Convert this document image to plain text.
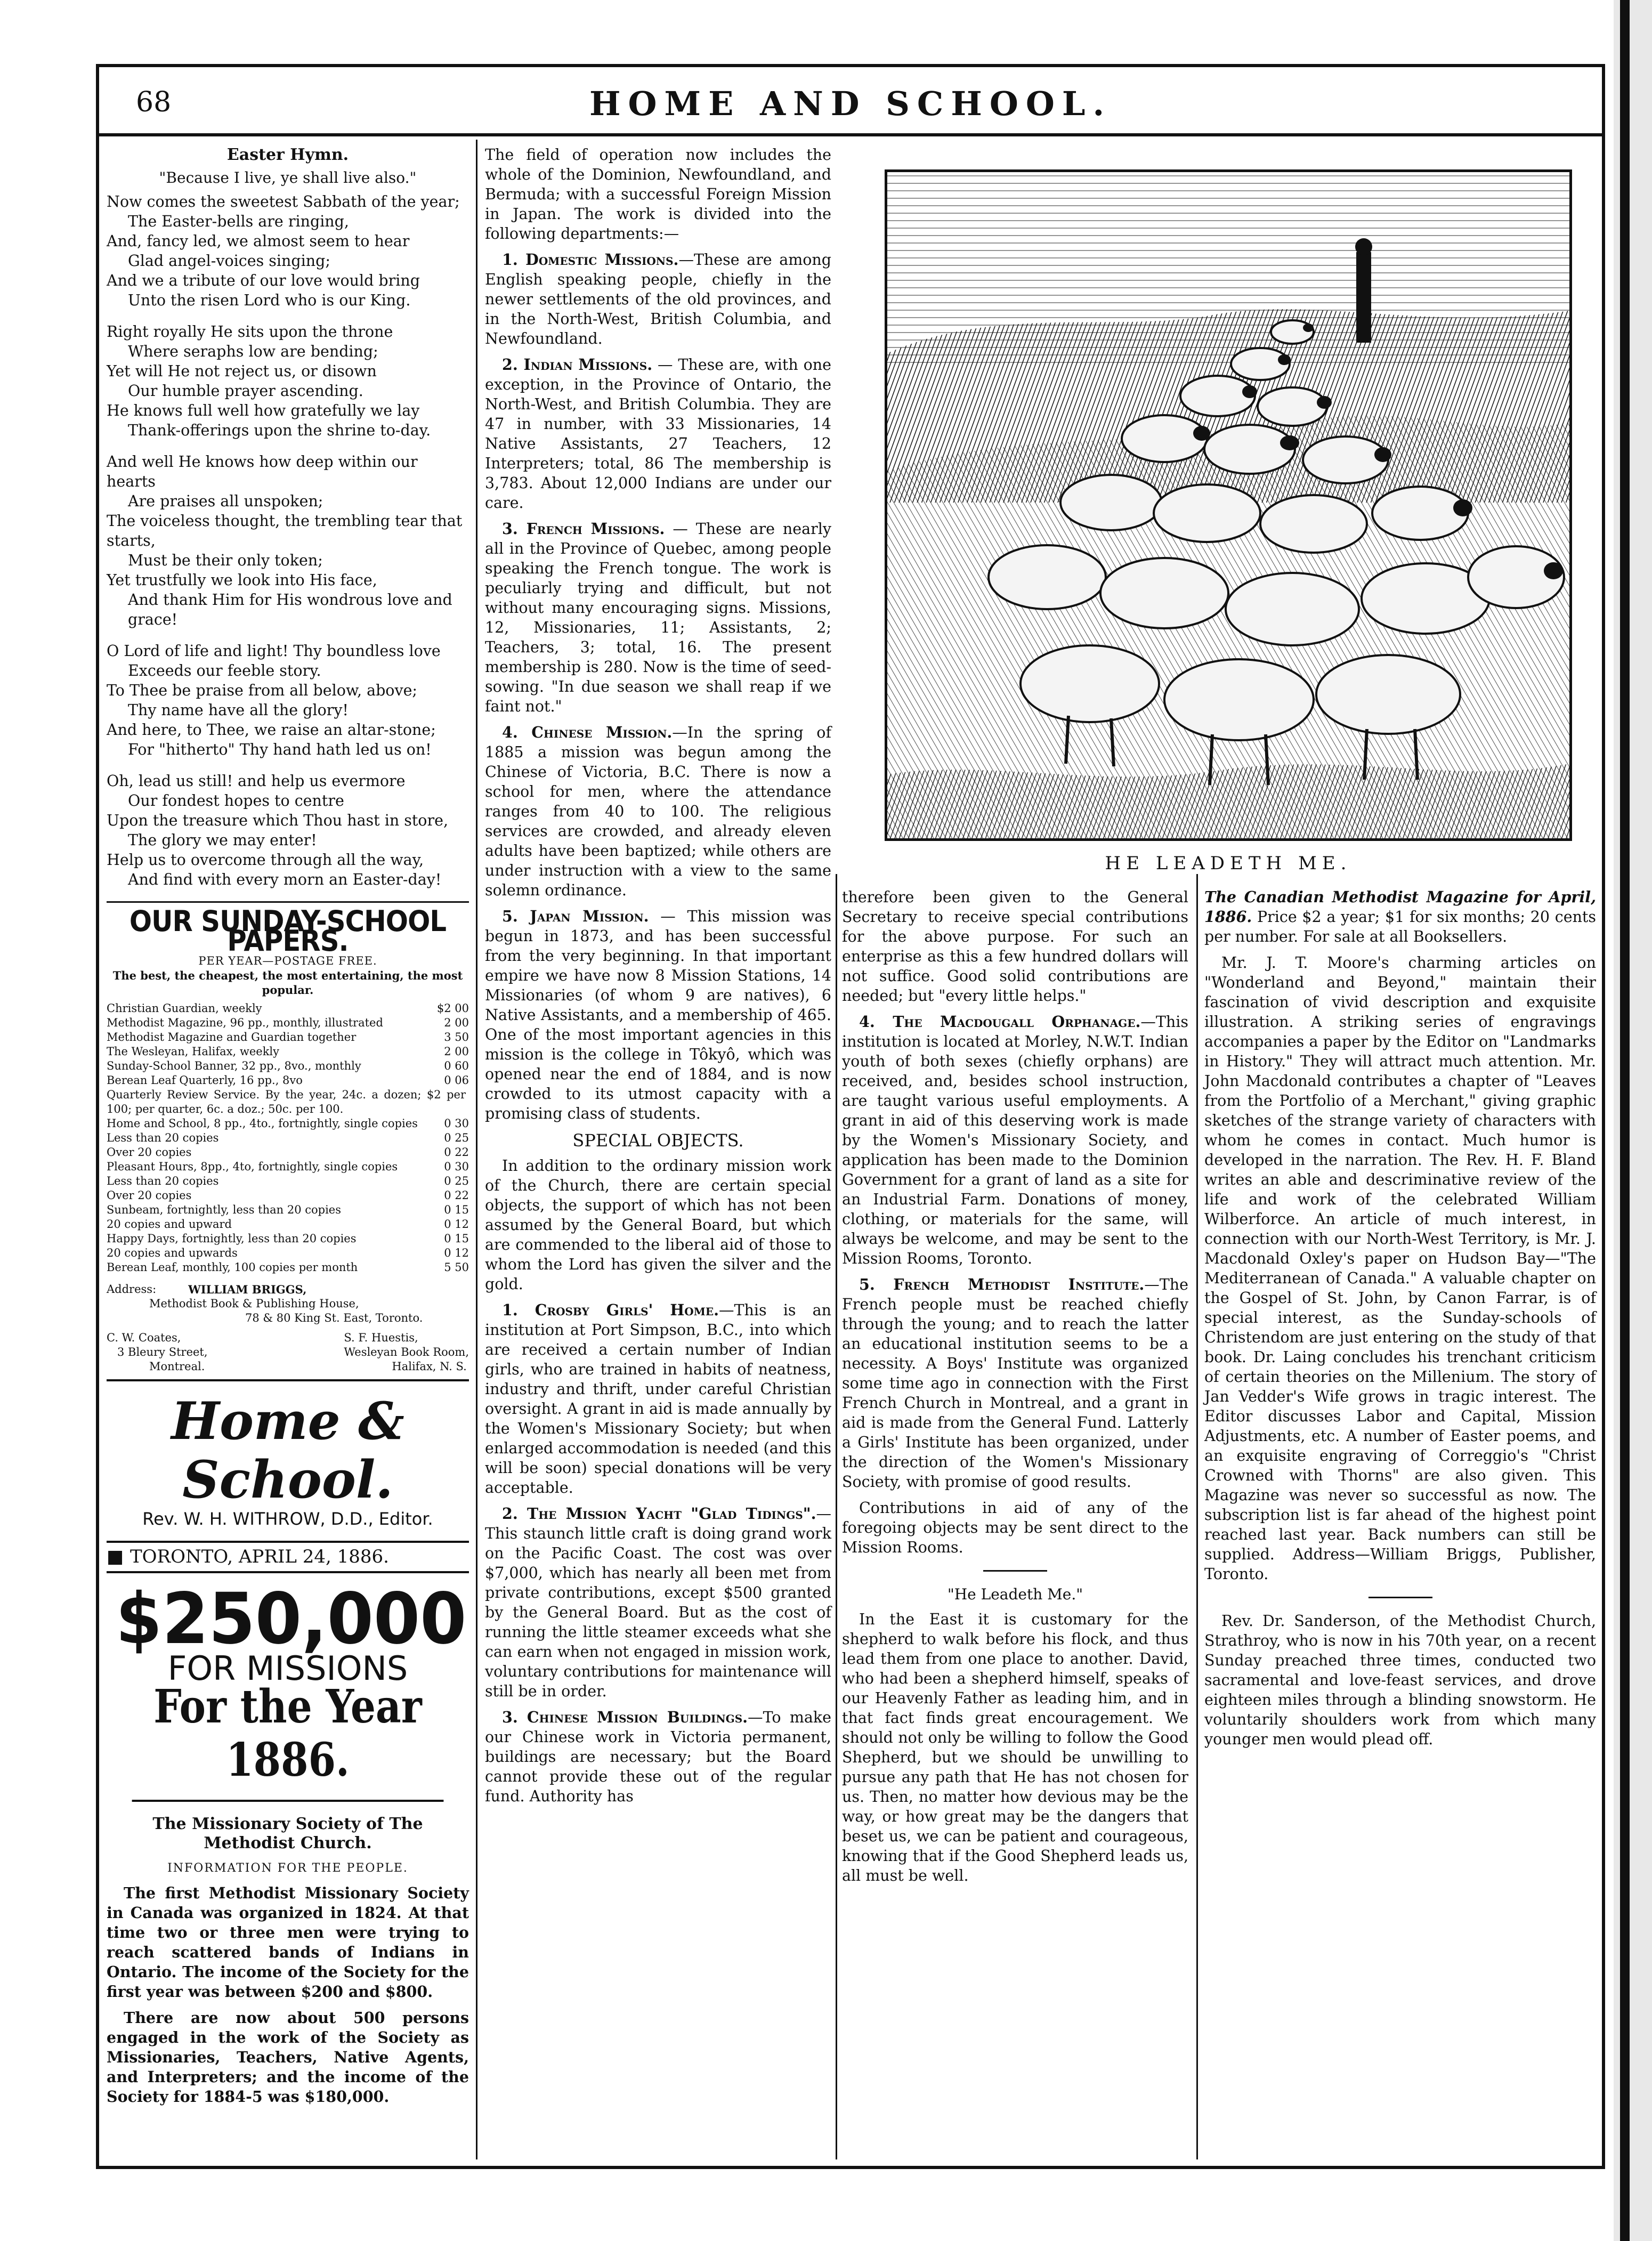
68	HOME AND SCHOOL.
Easter Hymn.
"Because I live, ye shall live also."
Now comes the sweetest Sabbath of the year;
The Easter-bells are ringing,
And, fancy led, we almost seem to hear
Glad angel-voices singing;
And we a tribute of our love would bring
Unto the risen Lord who is our King.
Right royally He sits upon the throne
Where seraphs low are bending;
Yet will He not reject us, or disown
Our humble prayer ascending.
He knows full well how gratefully we lay
Thank-offerings upon the shrine to-day.
And well He knows how deep within our hearts
Are praises all unspoken;
The voiceless thought, the trembling tear that starts,
Must be their only token;
Yet trustfully we look into His face,
And thank Him for His wondrous love and grace!
O Lord of life and light! Thy boundless love
Exceeds our feeble story.
To Thee be praise from all below, above;
Thy name have all the glory!
And here, to Thee, we raise an altar-stone;
For "hitherto" Thy hand hath led us on!
Oh, lead us still! and help us evermore
Our fondest hopes to centre
Upon the treasure which Thou hast in store,
The glory we may enter!
Help us to overcome through all the way,
And find with every morn an Easter-day!
OUR SUNDAY-SCHOOL PAPERS.
PER YEAR—POSTAGE FREE.
The best, the cheapest, the most entertaining, the most popular.
Christian Guardian, weekly	$2 00
Methodist Magazine, 96 pp., monthly, illustrated	2 00
Methodist Magazine and Guardian together	3 50
The Wesleyan, Halifax, weekly	2 00
Sunday-School Banner, 32 pp., 8vo., monthly	0 60
Berean Leaf Quarterly, 16 pp., 8vo	0 06
Quarterly Review Service. By the year, 24c. a dozen; $2 per 100; per quarter, 6c. a doz.; 50c. per 100.
Home and School, 8 pp., 4to., fortnightly, single copies 0 30
Less than 20 copies	0 25
Over 20 copies	0 22
Pleasant Hours, 8pp., 4to, fortnightly, single copies	0 30
Less than 20 copies	0 25
Over 20 copies	0 22
Sunbeam, fortnightly, less than 20 copies	0 15
20 copies and upward	0 12
Happy Days, fortnightly, less than 20 copies	0 15
20 copies and upwards	0 12
Berean Leaf, monthly, 100 copies per month	5 50
Address:	WILLIAM BRIGGS,
Methodist Book & Publishing House,
78 & 80 King St. East, Toronto.
C. W. Coates,
3 Bleury Street,
Montreal.
S. F. Huestis,
Wesleyan Book Room,
Halifax, N. S.
Home & School.
Rev. W. H. WITHROW, D.D., Editor.
■ TORONTO, APRIL 24, 1886.
$250,000
FOR MISSIONS
For the Year 1886.
The Missionary Society of The Methodist Church.
INFORMATION FOR THE PEOPLE.

The first Methodist Missionary Society in Canada was organized in 1824. At that time two or three men were trying to reach scattered bands of Indians in Ontario. The income of the Society for the first year was between $200 and $800.

There are now about 500 persons engaged in the work of the Society as Missionaries, Teachers, Native Agents, and Interpreters; and the income of the Society for 1884-5 was $180,000.

The field of operation now includes the whole of the Dominion, Newfoundland, and Bermuda; with a successful Foreign Mission in Japan. The work is divided into the following departments:—

1. Domestic Missions.—These are among English speaking people, chiefly in the newer settlements of the old provinces, and in the North-West, British Columbia, and Newfoundland.

2. Indian Missions. — These are, with one exception, in the Province of Ontario, the North-West, and British Columbia. They are 47 in number, with 33 Missionaries, 14 Native Assistants, 27 Teachers, 12 Interpreters; total, 86 The membership is 3,783. About 12,000 Indians are under our care.

3. French Missions. — These are nearly all in the Province of Quebec, among people speaking the French tongue. The work is peculiarly trying and difficult, but not without many encouraging signs. Missions, 12, Missionaries, 11; Assistants, 2; Teachers, 3; total, 16. The present membership is 280. Now is the time of seed-sowing. "In due season we shall reap if we faint not."

4. Chinese Mission.—In the spring of 1885 a mission was begun among the Chinese of Victoria, B.C. There is now a school for men, where the attendance ranges from 40 to 100. The religious services are crowded, and already eleven adults have been baptized; while others are under instruction with a view to the same solemn ordinance.

5. Japan Mission. — This mission was begun in 1873, and has been successful from the very beginning. In that important empire we have now 8 Mission Stations, 14 Missionaries (of whom 9 are natives), 6 Native Assistants, and a membership of 465. One of the most important agencies in this mission is the college in Tôkyô, which was opened near the end of 1884, and is now crowded to its utmost capacity with a promising class of students.

SPECIAL OBJECTS.

In addition to the ordinary mission work of the Church, there are certain special objects, the support of which has not been assumed by the General Board, but which are commended to the liberal aid of those to whom the Lord has given the silver and the gold.

1. Crosby Girls' Home.—This is an institution at Port Simpson, B.C., into which are received a certain number of Indian girls, who are trained in habits of neatness, industry and thrift, under careful Christian oversight. A grant in aid is made annually by the Women's Missionary Society; but when enlarged accommodation is needed (and this will be soon) special donations will be very acceptable.

2. The Mission Yacht "Glad Tidings".—This staunch little craft is doing grand work on the Pacific Coast. The cost was over $7,000, which has nearly all been met from private contributions, except $500 granted by the General Board. But as the cost of running the little steamer exceeds what she can earn when not engaged in mission work, voluntary contributions for maintenance will still be in order.

3. Chinese Mission Buildings.—To make our Chinese work in Victoria permanent, buildings are necessary; but the Board cannot provide these out of the regular fund. Authority has

HE LEADETH ME.

therefore been given to the General Secretary to receive special contributions for the above purpose. For such an enterprise as this a few hundred dollars will not suffice. Good solid contributions are needed; but "every little helps."

4. The Macdougall Orphanage.—This institution is located at Morley, N.W.T. Indian youth of both sexes (chiefly orphans) are received, and, besides school instruction, are taught various useful employments. A grant in aid of this deserving work is made by the Women's Missionary Society, and application has been made to the Dominion Government for a grant of land as a site for an Industrial Farm. Donations of money, clothing, or materials for the same, will always be welcome, and may be sent to the Mission Rooms, Toronto.

5. French Methodist Institute.—The French people must be reached chiefly through the young; and to reach the latter an educational institution seems to be a necessity. A Boys' Institute was organized some time ago in connection with the First French Church in Montreal, and a grant in aid is made from the General Fund. Latterly a Girls' Institute has been organized, under the direction of the Women's Missionary Society, with promise of good results.

Contributions in aid of any of the foregoing objects may be sent direct to the Mission Rooms.

"He Leadeth Me."

In the East it is customary for the shepherd to walk before his flock, and thus lead them from one place to another. David, who had been a shepherd himself, speaks of our Heavenly Father as leading him, and in that fact finds great encouragement. We should not only be willing to follow the Good Shepherd, but we should be unwilling to pursue any path that He has not chosen for us. Then, no matter how devious may be the way, or how great may be the dangers that beset us, we can be patient and courageous, knowing that if the Good Shepherd leads us, all must be well.

The Canadian Methodist Magazine for April, 1886. Price $2 a year; $1 for six months; 20 cents per number. For sale at all Booksellers.

Mr. J. T. Moore's charming articles on "Wonderland and Beyond," maintain their fascination of vivid description and exquisite illustration. A striking series of engravings accompanies a paper by the Editor on "Landmarks in History." They will attract much attention. Mr. John Macdonald contributes a chapter of "Leaves from the Portfolio of a Merchant," giving graphic sketches of the strange variety of characters with whom he comes in contact. Much humor is developed in the narration. The Rev. H. F. Bland writes an able and descriminative review of the life and work of the celebrated William Wilberforce. An article of much interest, in connection with our North-West Territory, is Mr. J. Macdonald Oxley's paper on Hudson Bay—"The Mediterranean of Canada." A valuable chapter on the Gospel of St. John, by Canon Farrar, is of special interest, as the Sunday-schools of Christendom are just entering on the study of that book. Dr. Laing concludes his trenchant criticism of certain theories on the Millenium. The story of Jan Vedder's Wife grows in tragic interest. The Editor discusses Labor and Capital, Mission Adjustments, etc. A number of Easter poems, and an exquisite engraving of Correggio's "Christ Crowned with Thorns" are also given. This Magazine was never so successful as now. The subscription list is far ahead of the highest point reached last year. Back numbers can still be supplied. Address—William Briggs, Publisher, Toronto.

Rev. Dr. Sanderson, of the Methodist Church, Strathroy, who is now in his 70th year, on a recent Sunday preached three times, conducted two sacramental and love-feast services, and drove eighteen miles through a blinding snowstorm. He voluntarily shoulders work from which many younger men would plead off.
